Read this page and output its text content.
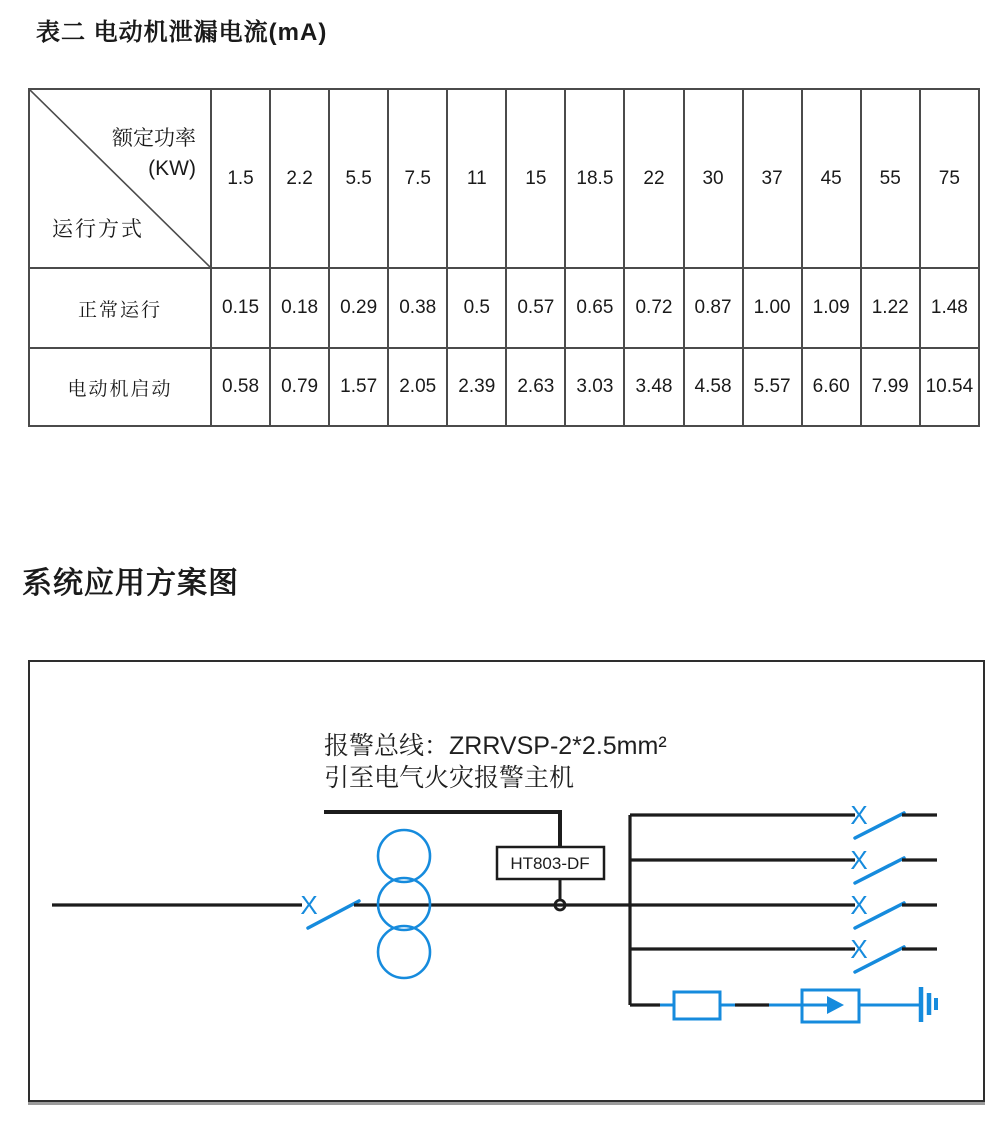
表二 电动机泄漏电流(mA)
额定功率
(KW)
运行方式	1.5	2.2	5.5	7.5	11	15	18.5	22	30	37	45	55	75
正常运行	0.15	0.18	0.29	0.38	0.5	0.57	0.65	0.72	0.87	1.00	1.09	1.22	1.48
电动机启动	0.58	0.79	1.57	2.05	2.39	2.63	3.03	3.48	4.58	5.57	6.60	7.99	10.54
系统应用方案图
报警总线：ZRRVSP-2*2.5mm²
引至电气火灾报警主机
HT803-DF
X
X
X
X
X
